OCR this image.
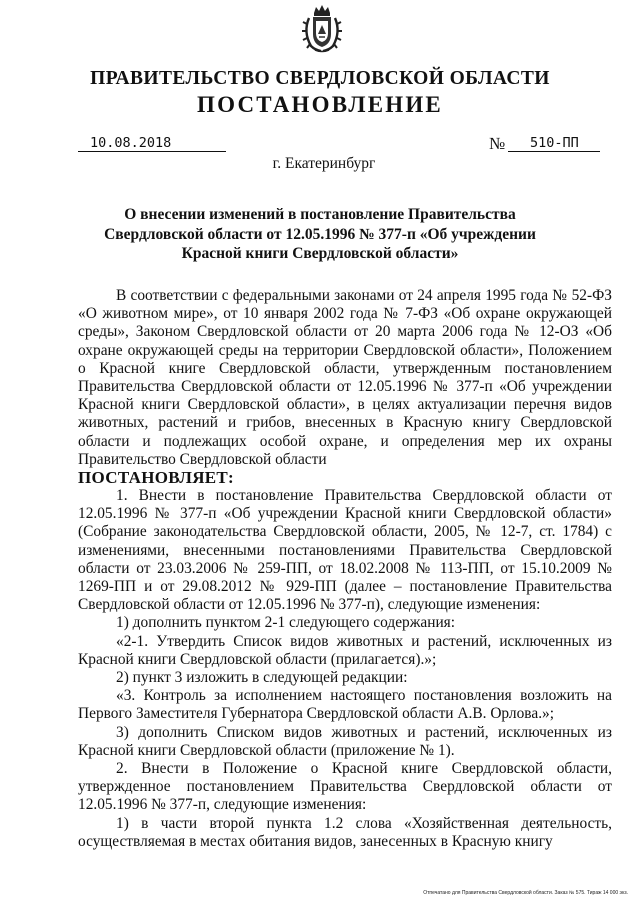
ПРАВИТЕЛЬСТВО СВЕРДЛОВСКОЙ ОБЛАСТИ
ПОСТАНОВЛЕНИЕ
10.08.2018	№	510-ПП
г. Екатеринбург
О внесении изменений в постановление Правительства
Свердловской области от 12.05.1996 № 377-п «Об учреждении
Красной книги Свердловской области»

В соответствии с федеральными законами от 24 апреля 1995 года № 52-ФЗ «О животном мире», от 10 января 2002 года № 7-ФЗ «Об охране окружающей среды», Законом Свердловской области от 20 марта 2006 года № 12-ОЗ «Об охране окружающей среды на территории Свердловской области», Положением о Красной книге Свердловской области, утвержденным постановлением Правительства Свердловской области от 12.05.1996 № 377-п «Об учреждении Красной книги Свердловской области», в целях актуализации перечня видов животных, растений и грибов, внесенных в Красную книгу Свердловской области и подлежащих особой охране, и определения мер их охраны Правительство Свердловской области

ПОСТАНОВЛЯЕТ:

1. Внести в постановление Правительства Свердловской области от 12.05.1996 № 377-п «Об учреждении Красной книги Свердловской области» (Собрание законодательства Свердловской области, 2005, № 12-7, ст. 1784) с изменениями, внесенными постановлениями Правительства Свердловской области от 23.03.2006 № 259-ПП, от 18.02.2008 № 113-ПП, от 15.10.2009 № 1269-ПП и от 29.08.2012 № 929-ПП (далее – постановление Правительства Свердловской области от 12.05.1996 № 377-п), следующие изменения:

1) дополнить пунктом 2-1 следующего содержания:

«2-1. Утвердить Список видов животных и растений, исключенных из Красной книги Свердловской области (прилагается).»;

2) пункт 3 изложить в следующей редакции:

«3. Контроль за исполнением настоящего постановления возложить на Первого Заместителя Губернатора Свердловской области А.В. Орлова.»;

3) дополнить Списком видов животных и растений, исключенных из Красной книги Свердловской области (приложение № 1).

2. Внести в Положение о Красной книге Свердловской области, утвержденное постановлением Правительства Свердловской области от 12.05.1996 № 377-п, следующие изменения:

1) в части второй пункта 1.2 слова «Хозяйственная деятельность, осуществляемая в местах обитания видов, занесенных в Красную книгу

Отпечатано для Правительства Свердловской области. Заказ № 575. Тираж 14 000 экз.
